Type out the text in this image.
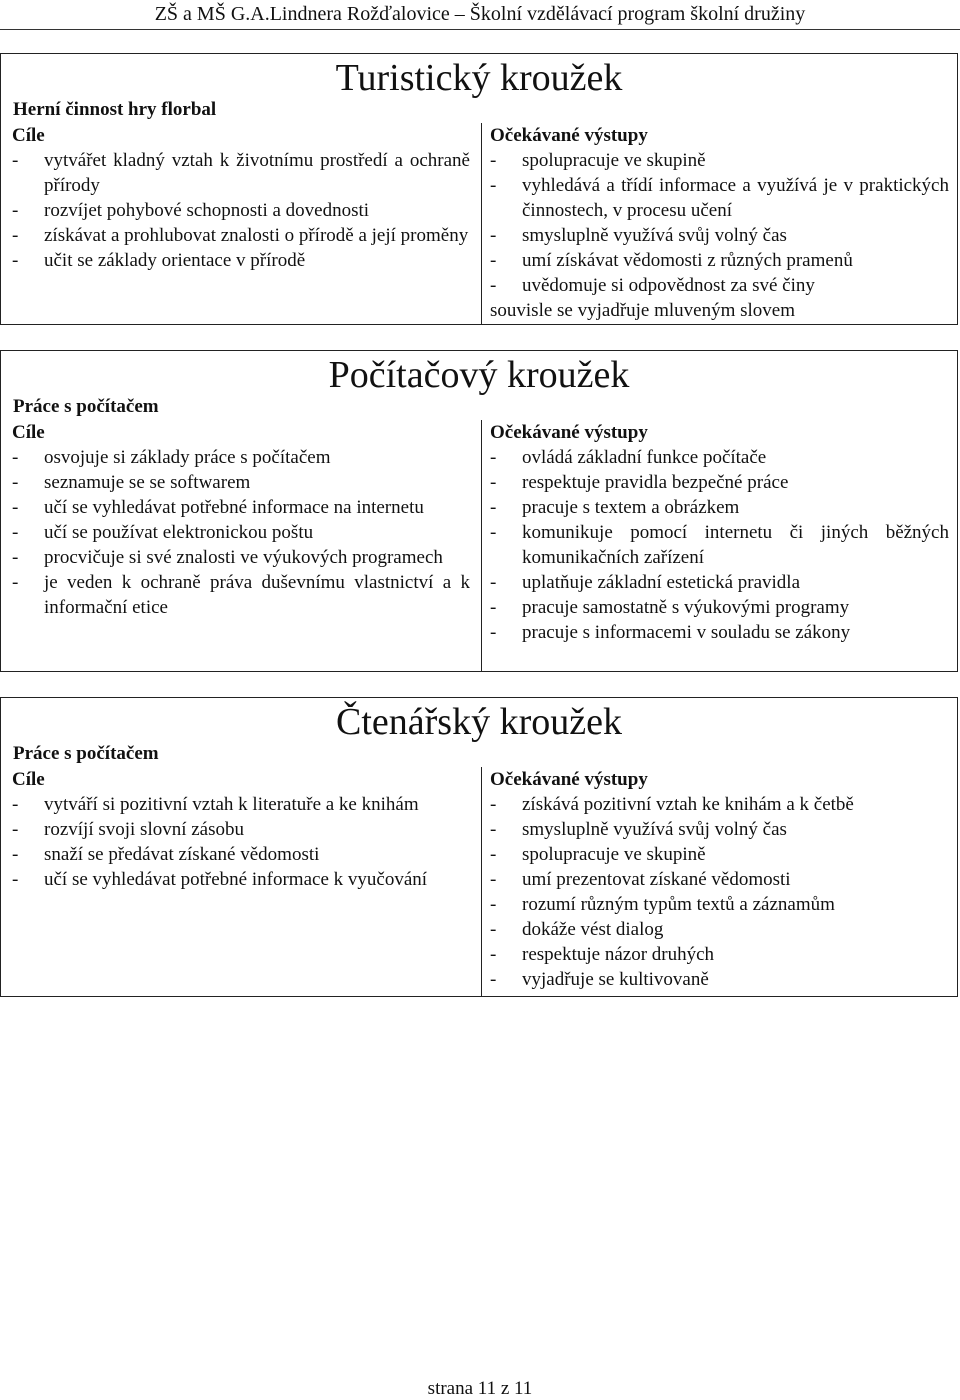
ZŠ a MŠ G.A.Lindnera Rožďalovice – Školní vzdělávací program školní družiny
Turistický kroužek
Herní činnost hry florbal
Cíle
- vytvářet kladný vztah k životnímu prostředí a ochraně přírody
- rozvíjet pohybové schopnosti a dovednosti
- získávat a prohlubovat znalosti o přírodě a její proměny
- učit se základy orientace v přírodě
Očekávané výstupy
- spolupracuje ve skupině
- vyhledává a třídí informace a využívá je v praktických činnostech, v procesu učení
- smysluplně využívá svůj volný čas
- umí získávat vědomosti z různých pramenů
- uvědomuje si odpovědnost za své činy
souvisle se vyjadřuje mluveným slovem
Počítačový kroužek
Práce s počítačem
Cíle
- osvojuje si základy práce s počítačem
- seznamuje se se softwarem
- učí se vyhledávat potřebné informace na internetu
- učí se používat elektronickou poštu
- procvičuje si své znalosti ve výukových programech
- je veden k ochraně práva duševnímu vlastnictví a k informační etice
Očekávané výstupy
- ovládá základní funkce počítače
- respektuje pravidla bezpečné práce
- pracuje s textem a obrázkem
- komunikuje pomocí internetu či jiných běžných komunikačních zařízení
- uplatňuje základní estetická pravidla
- pracuje samostatně s výukovými programy
- pracuje s informacemi v souladu se zákony
Čtenářský kroužek
Práce s počítačem
Cíle
- vytváří si pozitivní vztah k literatuře a ke knihám
- rozvíjí svoji slovní zásobu
- snaží se předávat získané vědomosti
- učí se vyhledávat potřebné informace k vyučování
Očekávané výstupy
- získává pozitivní vztah ke knihám a k četbě
- smysluplně využívá svůj volný čas
- spolupracuje ve skupině
- umí prezentovat získané vědomosti
- rozumí různým typům textů a záznamům
- dokáže vést dialog
- respektuje názor druhých
- vyjadřuje se kultivovaně
strana 11 z 11
